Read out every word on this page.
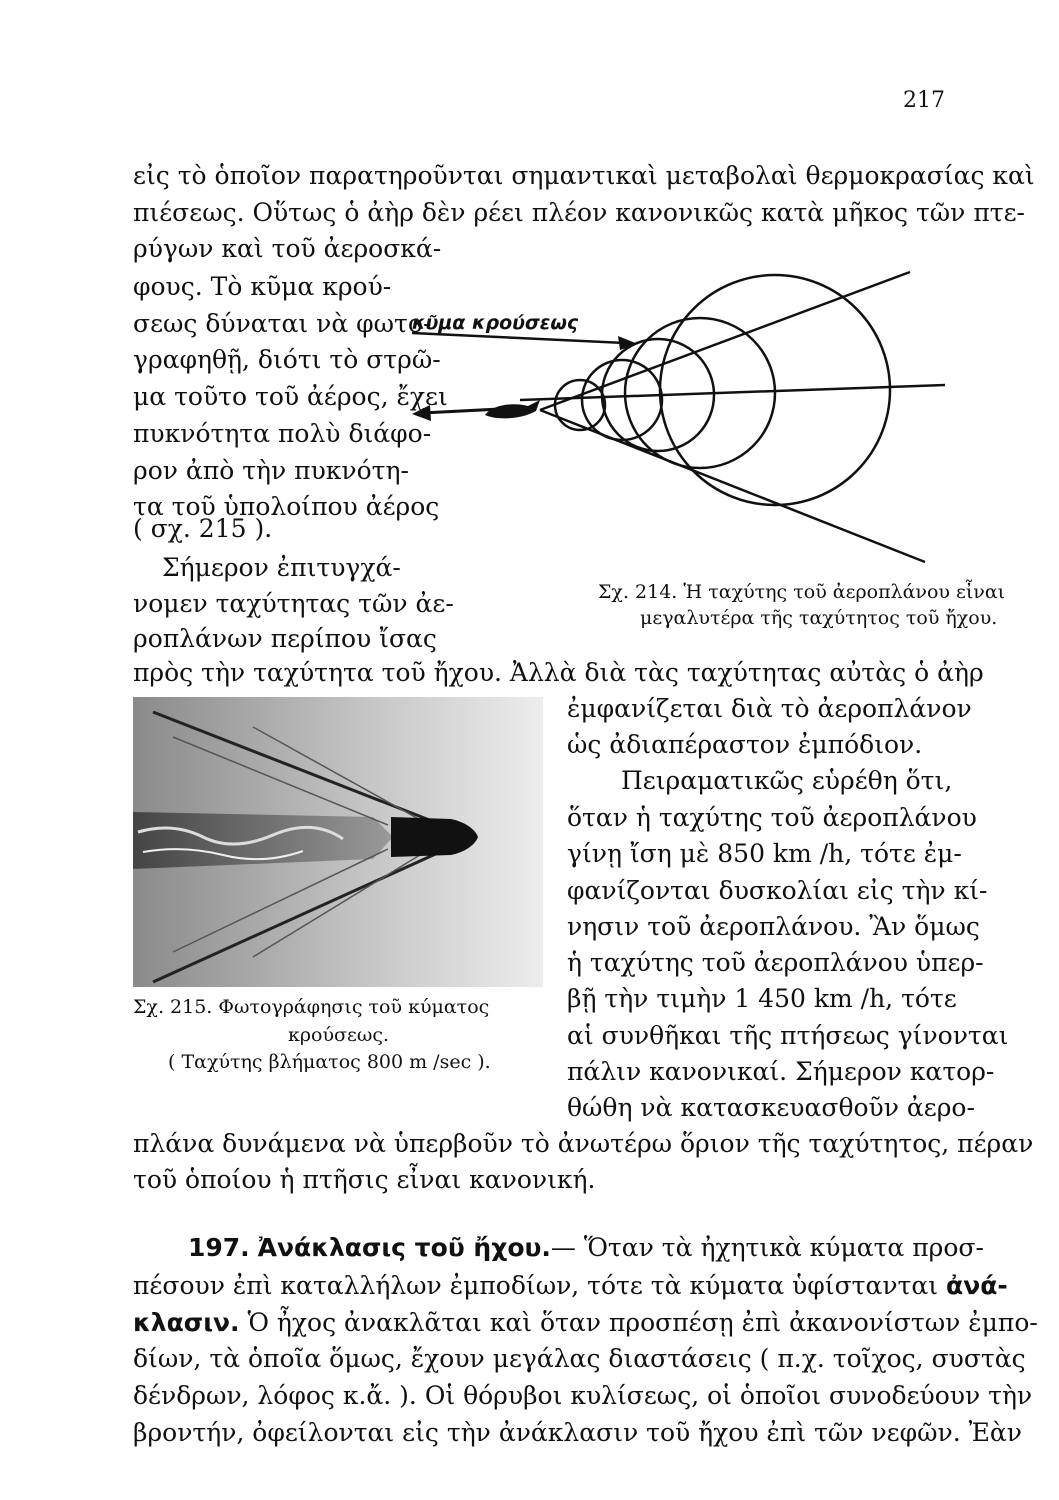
217
εἰς τὸ ὁποῖον παρατηροῦνται σημαντικαὶ μεταβολαὶ θερμοκρασίας καὶ
πιέσεως. Οὕτως ὁ ἀὴρ δὲν ρέει πλέον κανονικῶς κατὰ μῆκος τῶν πτε-
ρύγων καὶ τοῦ ἀεροσκά-
φους. Τὸ κῦμα κρού-
σεως δύναται νὰ φωτο-
γραφηθῇ, διότι τὸ στρῶ-
μα τοῦτο τοῦ ἀέρος, ἔχει
πυκνότητα πολὺ διάφο-
ρον ἀπὸ τὴν πυκνότη-
τα τοῦ ὑπολοίπου ἀέρος
( σχ. 215 ).
Σήμερον ἐπιτυγχά-
νομεν ταχύτητας τῶν ἀε-
ροπλάνων περίπου ἴσας
κῦμα κρούσεως
Σχ. 214. Ἡ ταχύτης τοῦ ἀεροπλάνου εἶναι
μεγαλυτέρα τῆς ταχύτητος τοῦ ἤχου.
πρὸς τὴν ταχύτητα τοῦ ἤχου. Ἀλλὰ διὰ τὰς ταχύτητας αὐτὰς ὁ ἀὴρ
Σχ. 215. Φωτογράφησις τοῦ κύματος
κρούσεως.
( Ταχύτης βλήματος 800 m /sec ).
ἐμφανίζεται διὰ τὸ ἀεροπλάνον
ὡς ἀδιαπέραστον ἐμπόδιον.
Πειραματικῶς εὑρέθη ὅτι,
ὅταν ἡ ταχύτης τοῦ ἀεροπλάνου
γίνῃ ἴση μὲ 850 km /h, τότε ἐμ-
φανίζονται δυσκολίαι εἰς τὴν κί-
νησιν τοῦ ἀεροπλάνου. Ἂν ὅμως
ἡ ταχύτης τοῦ ἀεροπλάνου ὑπερ-
βῇ τὴν τιμὴν 1 450 km /h, τότε
αἱ συνθῆκαι τῆς πτήσεως γίνονται
πάλιν κανονικαί. Σήμερον κατορ-
θώθη νὰ κατασκευασθοῦν ἀερο-
πλάνα δυνάμενα νὰ ὑπερβοῦν τὸ ἀνωτέρω ὅριον τῆς ταχύτητος, πέραν
τοῦ ὁποίου ἡ πτῆσις εἶναι κανονική.
197. Ἀνάκλασις τοῦ ἤχου.— Ὅταν τὰ ἠχητικὰ κύματα προσ-
πέσουν ἐπὶ καταλλήλων ἐμποδίων, τότε τὰ κύματα ὑφίστανται ἀνά-
κλασιν. Ὁ ἦχος ἀνακλᾶται καὶ ὅταν προσπέσῃ ἐπὶ ἀκανονίστων ἐμπο-
δίων, τὰ ὁποῖα ὅμως, ἔχουν μεγάλας διαστάσεις ( π.χ. τοῖχος, συστὰς
δένδρων, λόφος κ.ἄ. ). Οἱ θόρυβοι κυλίσεως, οἱ ὁποῖοι συνοδεύουν τὴν
βροντήν, ὀφείλονται εἰς τὴν ἀνάκλασιν τοῦ ἤχου ἐπὶ τῶν νεφῶν. Ἐὰν
